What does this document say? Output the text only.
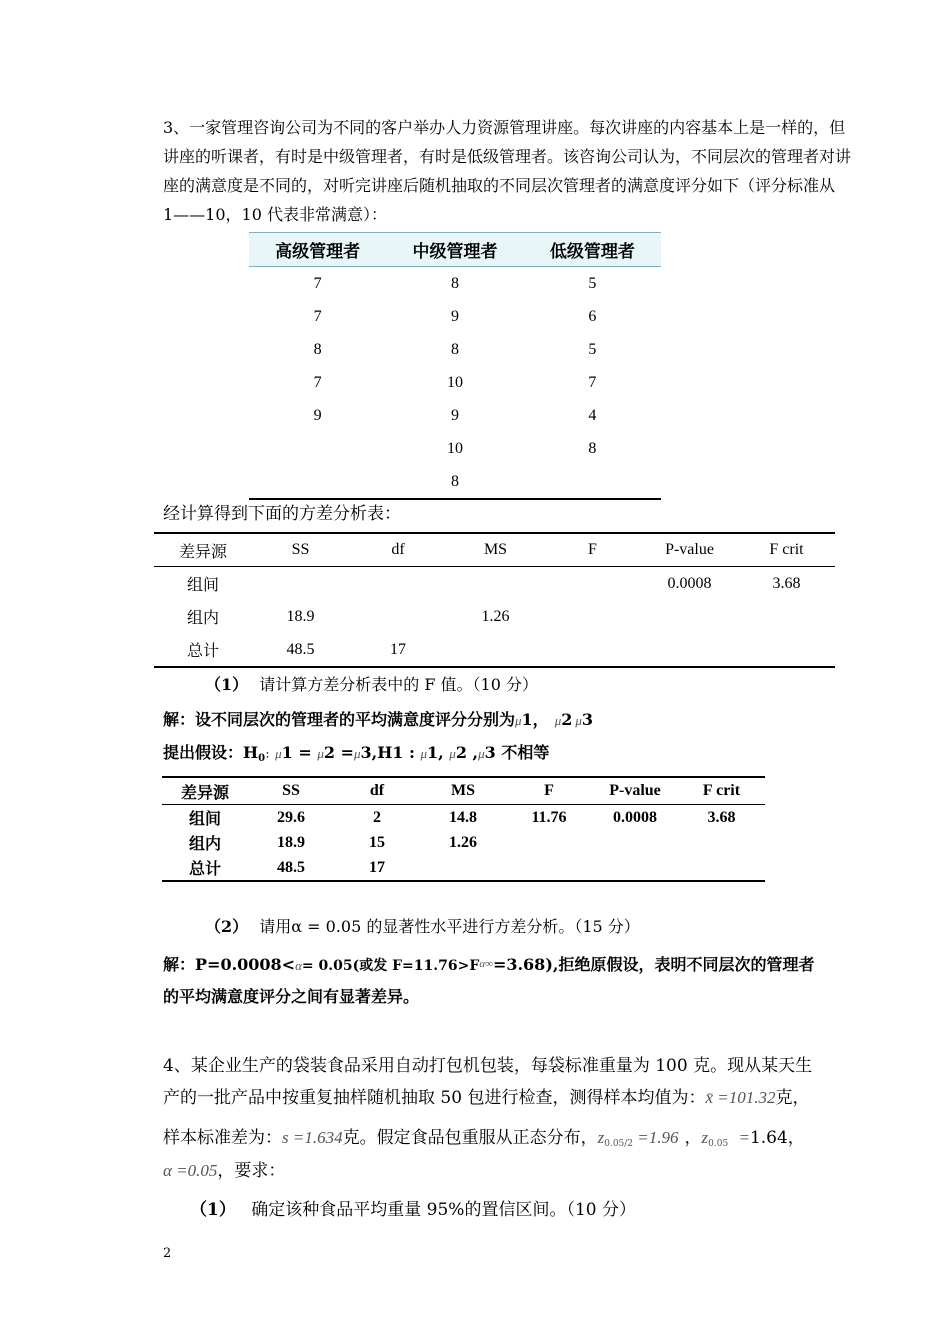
3、一家管理咨询公司为不同的客户举办人力资源管理讲座。每次讲座的内容基本上是一样的，但
讲座的听课者，有时是中级管理者，有时是低级管理者。该咨询公司认为，不同层次的管理者对讲
座的满意度是不同的，对听完讲座后随机抽取的不同层次管理者的满意度评分如下（评分标准从
1——10，10 代表非常满意）：
高级管理者	中级管理者	低级管理者
7	8	5
7	9	6
8	8	5
7	10	7
9	9	4
	10	8
	8	
经计算得到下面的方差分析表：
差异源	SS	df	MS	F	P-value	F crit
组间					0.0008	3.68
组内	18.9		1.26			
总计	48.5	17				
（1） 请计算方差分析表中的 F 值。（10 分）
解：设不同层次的管理者的平均满意度评分分别为μ1， μ2 μ3
提出假设：H0：μ1 = μ2 =μ3,H1 : μ1, μ2 ,μ3 不相等
差异源	SS	df	MS	F	P-value	F crit
组间	29.6	2	14.8	11.76	0.0008	3.68
组内	18.9	15	1.26			
总计	48.5	17				
（2） 请用α = 0.05 的显著性水平进行方差分析。（15 分）
解：P=0.0008<α= 0.05(或发 F=11.76>Fα∞=3.68),拒绝原假设，表明不同层次的管理者
的平均满意度评分之间有显著差异。
4、某企业生产的袋装食品采用自动打包机包装，每袋标准重量为 100 克。现从某天生
产的一批产品中按重复抽样随机抽取 50 包进行检查，测得样本均值为：x̄ =101.32克，
样本标准差为：s =1.634克。假定食品包重服从正态分布，$z_{0.05/2} =1.96$ ，$z_{0.05} =1.64$，
α =0.05，要求：
（1） 确定该种食品平均重量 95%的置信区间。（10 分）
2
